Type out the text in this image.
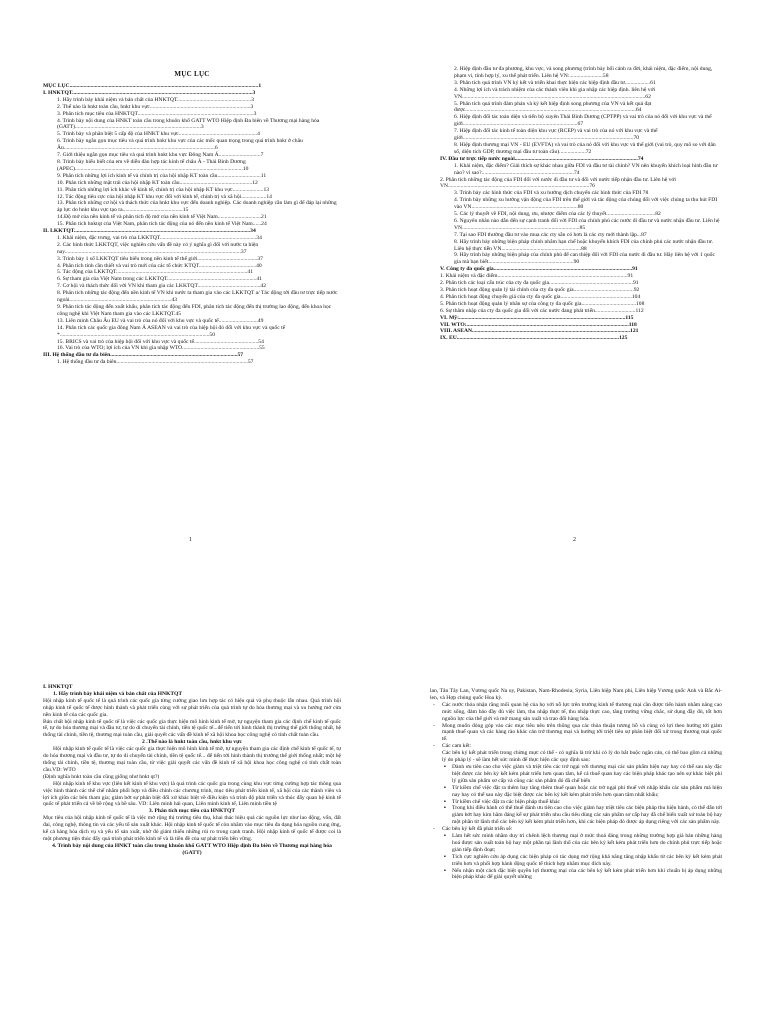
MỤC LỤC
MỤC LỤC.......................................................................................................................................1
I. HNKTQT.................................................................................................................................3
1. Hãy trình bày khái niệm và bản chất của HNKTQT.....................................................3
2. Thế nào là hnkt toàn cầu, hnkt khu vực........................................................................3
3. Phân tích mục tiêu của HNKTQT...................................................................................3
4. Trình bày nội dung của HNKT toàn cầu trong khuôn khổ GATT WTO Hiệp định Đa biên về Thương mại hàng hóa (GATT)..........................................................................................3
5. Trình bày và phân biệt 5 cấp độ của HNKT khu vực........................................................4
6. Trình bày ngắn gọn mục tiêu và quá trình hnkt khu vực của các mốc quan trọng trong quá trình hnkt ở châu Âu............................................................................................................6
7. Giới thiệu ngắn gọn mục tiêu và quá trình hnkt khu vực Đông Nam Á..............................7
8. Trình bày hiểu biết của em về diễn đàn hợp tác kinh tế châu Á - Thái Bình Dương (APEC)........................................................................................................................10
9. Phân tích những lợi ích kinh tế và chính trị của hội nhập KT toàn cầu...............................11
10. Phân tích những mặt trái của hội nhập KT toàn cầu....................................................12
11. Phân tích những lợi ích khác về kinh tế, chính trị của hội nhập KT khu vực......................13
12. Tác động tiêu cực của hội nhập KT khu vực đối với kinh tế, chính trị và xã hội..................14
13. Phân tích những cơ hội và thách thức của hnkt khu vực đến doanh nghiệp. Các doanh nghiệp cần làm gì để đáp lại những áp lực do hnkt khu vực tạo ra...........................................15
14.Độ mở của nền kinh tế và phân tích độ mở của nền kinh tế Việt Nam...............................21
15. Phân tích hnktqt của Việt Nam, phân tích tác động của nó đến nền kinh tế Việt Nam......24
II. LKKTQT..............................................................................................................................34
1. Khái niệm, đặc trưng, vai trò của LKKTQT.....................................................................34
2. Các hình thức LKKTQT, việc nghiên cứu vấn đề này có ý nghĩa gì đối với nước ta hiện nay..............................................................................................................................37
3. Trình bày 1 số LKKTQT tiêu biểu trong nền kinh tế thế giới...........................................37
4. Phân tích tính cần thiết và vai trò mới của các tổ chức KTQT.........................................40
5. Tác động của LKKTQT..............................................................................................41
6. Sự tham gia của Việt Nam trong các LKKTQT................................................................41
7. Cơ hội và thách thức đối với VN khi tham gia các LKKTQT.............................................42
8. Phân tích những tác động đến nền kinh tế VN khi nước ta tham gia vào các LKKTQT a/ Tác động tới đầu tư trực tiếp nước ngoài.........................................................................43
9. Phân tích tác động đến xuất khẩu, phân tích tác động đến FDI, phân tích tác động đến thị trường lao động, đến khoa học công nghệ khi Việt Nam tham gia vào các LKKTQT.45
13. Liên minh Châu Âu EU và vai trò của nó đối với khu vực và quốc tế............................49
14. Phân tích các quốc gia đông Nam Á ASEAN và vai trò của hiệp hội đó đối với khu vực và quốc tế *...........................................................................................................50
15. BRICS và vai trò của hiệp hội đối với khu vực và quốc tế..............................................54
16. Vai trò của WTO; lợi ích của VN khi gia nhập WTO.......................................................55
III. Hệ thống đầu tư đa biên...........................................................................................57
1. Hệ thống đầu tư đa biên..............................................................................................57
1
2. Hiệp định đầu tư đa phương, khu vực, và song phương (trình bày bối cảnh ra đời, khái niệm, đặc điểm, nội dung, phạm vi, tính hợp lý, xu thế phát triển. Liên hệ VN:........................58
3. Phân tích quá trình VN ký kết và triển khai thực hiện các hiệp định đầu tư..................61
4. Những lợi ích và trách nhiệm của các thành viên khi gia nhập các hiệp định. liên hệ với VN...................................................................................................................................62
5. Phân tích quá trình đàm phán và ký kết hiệp định song phương của VN và kết quả đạt được..........................................................................................................................64
6. Hiệp định đối tác toàn diện và tiến bộ xuyên Thái Bình Dương (CPTPP) và vai trò của nó đối với khu vực và thế giới..................................................................................67
7. Hiệp định đối tác kinh tế toàn diện khu vực (RCEP) và vai trò của nó với khu vực và thế giới..........................................................................................................................70
8. Hiệp định thương mại VN - EU (EVFTA) và vai trò của nó đối với khu vực và thế giới (vai trò, quy mô so với dân số, diện tích GDP, thương mại đầu tư toàn cầu)...................72
IV. Đầu tư trực tiếp nước ngoài........................................................................................74
1. Khái niệm, đặc điểm? Giải thích sự khác nhau giữa FDI và đầu tư tài chính? VN nên khuyến khích loại hình đầu tư nào? vì sao?..................................................................74
2. Phân tích những tác động của FDI đối với nước đi đầu tư và đối với nước tiếp nhận đầu tư. Liên hệ với VN.....................................................................................................76
3. Trình bày các hình thức của FDI và xu hướng dịch chuyển các hình thức của FDI 78
4. Trình bày những xu hướng vận động của FDI trên thế giới và tác động của chúng đối với việc chúng ta thu hút FDI vào VN............................................................................80
5. Các lý thuyết về FDI, nội dung, ưu, nhược điểm của các lý thuyết...................................82
6. Nguyên nhân nào dẫn đến sự cạnh tranh đối với FDI của chính phủ các nước đi đầu tư và nước nhận đầu tư. Liên hệ VN....................................................................................85
7. Tại sao FDI thường đầu tư vào mua các cty sẵn có hơn là các cty mới thành lập...87
8. Hãy trình bày những biện pháp chính nhằm hạn chế hoặc khuyến khích FDI của chính phủ các nước nhận đầu tư. Liên hệ thực tiễn VN.........................................................88
9. Hãy trình bày những biện pháp của chính phủ để can thiệp đối với FDI của nước đi đầu tư. Hãy liên hệ với 1 quốc gia mà bạn biết.............................................................90
V. Công ty đa quốc gia...................................................................................................91
1. Khái niệm và đặc điểm.............................................................................................91
2. Phân tích các loại cấu trúc của cty đa quốc gia............................................................91
3. Phân tích hoạt động quản lý tài chính của cty đa quốc gia...........................................92
4. Phân tích hoạt động chuyển giá của cty đa quốc gia...................................................104
5. Phân tích hoạt động quản lý nhân sự của công ty đa quốc gia.......................................108
6. Sự thâm nhập của cty đa quốc gia đối với các nước đang phát triển.............................112
VI. Mỹ:.......................................................................................................................115
VII. WTO:....................................................................................................................118
VIII. ASEAN.................................................................................................................121
IX. EU....................................................................................................................125
2
I. HNKTQT
1. Hãy trình bày khái niệm và bản chất của HNKTQT
Hội nhập kinh tế quốc tế là quá trình các quốc gia từng cường giao lưu hợp tác có hiệu quả và phụ thuộc lẫn nhau. Quá trình hội nhập kinh tế quốc tế được hình thành và phát triển cùng với sự phát triển của quá trình tự do hóa thương mại và xu hướng mở cửa nền kinh tế của các quốc gia.
Bản chất hội nhập kinh tế quốc tế là việc các quốc gia thực hiện mô hình kinh tế mở, tự nguyện tham gia các định chế kinh tế quốc tế, tự do hóa thương mại và đầu tư, tự do di chuyển tài chính, tiền tệ quốc tế...để tiến tới hình thành thị trường thế giới thống nhất, hệ thống tài chính, tiền tệ, thương mại toàn cầu, giải quyết các vấn đề kinh tế xã hội khoa học công nghệ có tính chất toàn cầu.
2 .Thế nào là hnkt toàn cầu, hnkt khu vực
Hội nhập kinh tế quốc tế là việc các quốc gia thực hiện mô hình kinh tế mở, tự nguyện tham gia các định chế kinh tế quốc tế, tự do hóa thương mại và đầu tư, tự do di chuyển tài chính, tiền tệ quốc tế... để tiến tới hình thành thị trường thế giới thống nhất; một hệ thống tài chính, tiền tệ, thương mại toàn cầu, từ việc giải quyết các vấn đề kinh tế xã hội khoa học công nghệ có tính chất toàn cầu.VD: WTO
(Định nghĩa hnkt toàn cầu cũng giống như hnkt qt?)
Hội nhập kinh tế khu vực (liên kết kinh tế khu vực) là quá trình các quốc gia trong cùng khu vực từng cường hợp tác thông qua việc hình thành các thể chế nhằm phối hợp và điều chỉnh các chương trình, mục tiêu phát triển kinh tế, xã hội của các thành viên và lợi ích giữa các bên tham gia; giảm bớt sự phân biệt đối xử khác biệt về điều kiện và trình độ phát triển và thúc đẩy quan hệ kinh tế quốc tế phát triển cả về bề rộng và bề sâu. VD: Liên minh hải quan, Liên minh kinh tế, Liên minh tiền tệ
3. Phân tích mục tiêu của HNKTQT
Mục tiêu của hội nhập kinh tế quốc tế là việc mở rộng thị trường tiêu thụ, khai thác hiệu quả các nguồn lực như lao động, vốn, đất đai, công nghệ, thông tin và các yếu tố sản xuất khác. Hội nhập kinh tế quốc tế còn nhằm vào mục tiêu đa dạng hóa nguồn cung ứng, kể cả hàng hóa dịch vụ và yếu tố sản xuất, nhờ đó giảm thiểu những rủi ro trong cạnh tranh. Hội nhập kinh tế quốc tế được coi là một phương tiện thúc đẩy quá trình phát triển kinh tế và là tiền đề của sự phát triển bền vững.
4. Trình bày nội dung của HNKT toàn cầu trong khuôn khổ GATT WTO Hiệp định Đa biên về Thương mại hàng hóa (GATT)
lan, Tân Tây Lan, Vương quốc Na uy, Pakistan, Nam-Rhodesia, Syria, Liên hiệp Nam phi, Liên hiệp Vương quốc Anh và Bắc Ai-len, và Hợp chủng quốc Hoa kỳ.
- Các nước thỏa nhận rằng mối quan hệ của họ với nỗ lực trên trường kinh tế thương mại cần được tiến hành nhằm nâng cao mức sống, đảm bảo đầy đủ việc làm, thu nhập thực tế, thu nhập thực cao, tăng trưởng vững chắc, sử dụng đầy đủ, tốt hơn nguồn lực của thế giới và mở mang sản xuất và trao đổi hàng hóa.
- Mong muốn đóng góp vào các mục tiêu nêu trên thông qua các thỏa thuận tương hỗ và cùng có lợi theo hướng tới giảm mạnh thuế quan và các hàng rào khác cản trở thương mại và hướng tới triệt tiêu sự phân biệt đối xử trong thương mại quốc tế.
- Các cam kết:
Các bên ký kết phát triển trong chừng mực có thể - có nghĩa là trừ khi có lý do bắt buộc ngăn cản, có thể bao gồm cả những lý do pháp lý - sẽ làm hết sức mình để thực hiện các quy định sau:
▪ Dành ưu tiên cao cho việc giảm và triệt tiêu các trở ngại với thương mại các sản phẩm hiện nay hay có thể sau này đặc biệt được các bên ký kết kém phát triển hơn quan tâm, kể cả thuế quan hay các biện pháp khác tạo nên sự khác biệt phi lý giữa sản phẩm sơ cấp và cũng các sản phẩm đó đã chế biến
▪ Từ kiềm chế việc đặt ra thêm hay tăng thêm thuế quan hoặc các trở ngại phi thuế với nhập khẩu các sản phẩm mà hiện nay hay có thể sau này đặc biệt được các bên ký kết kém phát triển hơn quan tâm nhất khẩu;
▪ Từ kiềm chế việc đặt ra các biện pháp thuế khác
▪ Trong khi điều hành có thể thuế đánh ưu tiên cao cho việc giảm hay triệt tiêu các biện pháp thu hiện hành, có thể dẫn tới giảm bớt hay kìm hãm đáng kể sự phát triển nhu cầu tiêu dùng các sản phẩm sơ cấp hay đã chế biến xuất xứ toàn bộ hay một phần từ lãnh thổ các bên ký kết kém phát triển hơn, khi các biện pháp đó được áp dụng riêng với các sản phẩm này.
- Các bên ký kết đã phát triển sẽ:
▪ Làm hết sức mình nhằm duy trì chênh lệch thương mại ở mức thoả đáng trong những trường hợp giá bán những hàng hoá được sản xuất toàn bộ hay một phần tại lãnh thổ của các bên ký kết kém phát triển hơn do chính phủ trực tiếp hoặc gián tiếp định đoạt;
▪ Tích cực nghiên cứu áp dụng các biện pháp có tác dụng mở rộng khả năng tăng nhập khẩu từ các bên ký kết kém phát triển hơn và phối hợp hành động quốc tế thích hợp nhằm mục đích này.
▪ Nếu nhận một cách đặc biệt quyền lợi thương mại của các bên ký kết kém phát triển hơn khi chuẩn bị áp dụng những biện pháp khác để giải quyết những
